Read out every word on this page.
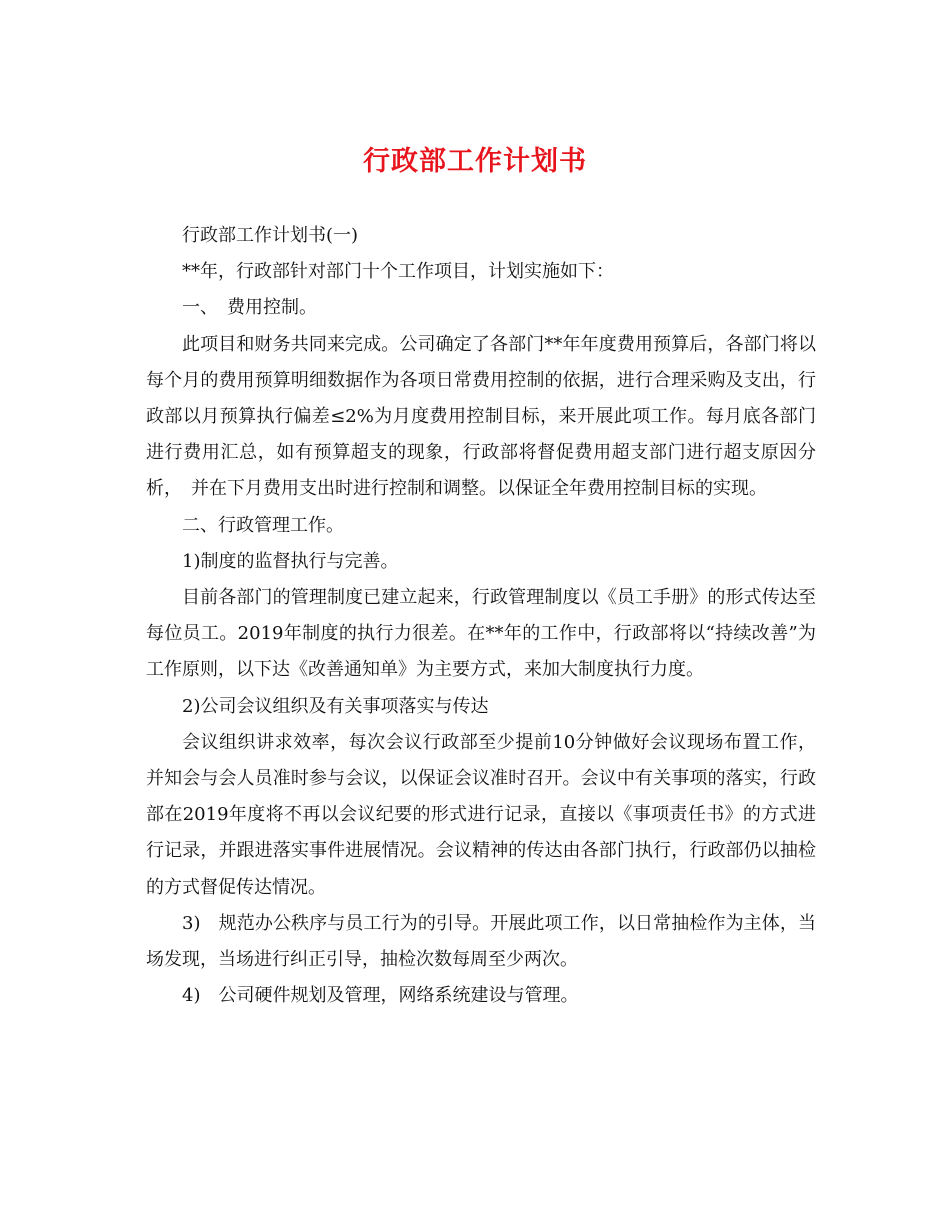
行政部工作计划书

行政部工作计划书(一)

**年，行政部针对部门十个工作项目，计划实施如下：

一、　费用控制。

此项目和财务共同来完成。公司确定了各部门**年年度费用预算后，各部门将以每个月的费用预算明细数据作为各项日常费用控制的依据，进行合理采购及支出，行政部以月预算执行偏差≤2%为月度费用控制目标，来开展此项工作。每月底各部门进行费用汇总，如有预算超支的现象，行政部将督促费用超支部门进行超支原因分析，　并在下月费用支出时进行控制和调整。以保证全年费用控制目标的实现。

二、行政管理工作。

1)制度的监督执行与完善。

目前各部门的管理制度已建立起来，行政管理制度以《员工手册》的形式传达至每位员工。2019年制度的执行力很差。在**年的工作中，行政部将以“持续改善”为工作原则，以下达《改善通知单》为主要方式，来加大制度执行力度。

2)公司会议组织及有关事项落实与传达

会议组织讲求效率，每次会议行政部至少提前10分钟做好会议现场布置工作，并知会与会人员准时参与会议，以保证会议准时召开。会议中有关事项的落实，行政部在2019年度将不再以会议纪要的形式进行记录，直接以《事项责任书》的方式进行记录，并跟进落实事件进展情况。会议精神的传达由各部门执行，行政部仍以抽检的方式督促传达情况。

3)　规范办公秩序与员工行为的引导。开展此项工作，以日常抽检作为主体，当场发现，当场进行纠正引导，抽检次数每周至少两次。

4)　公司硬件规划及管理，网络系统建设与管理。
